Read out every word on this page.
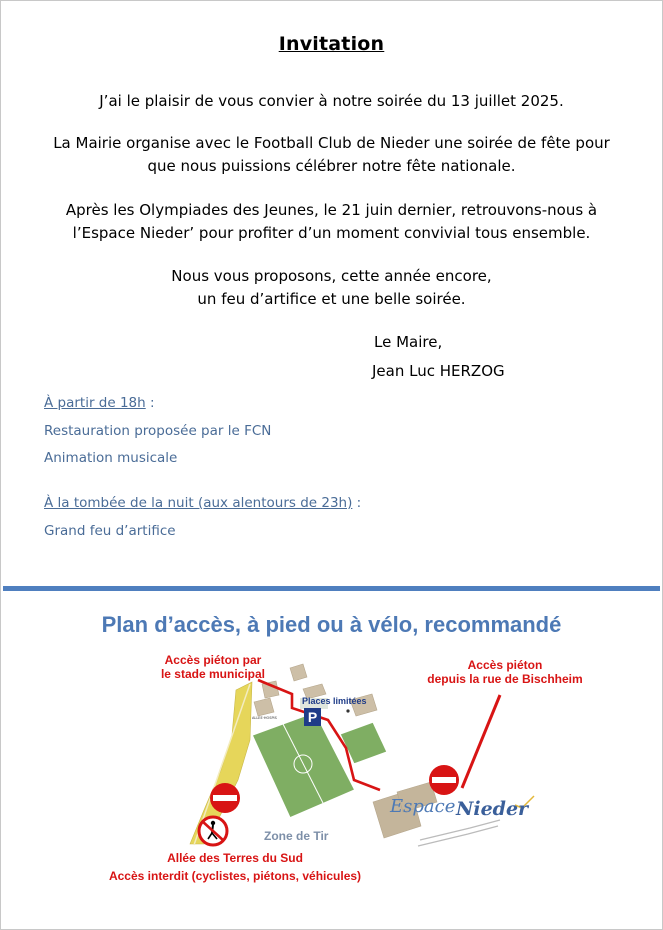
Invitation
J’ai le plaisir de vous convier à notre soirée du 13 juillet 2025.
La Mairie organise avec le Football Club de Nieder une soirée de fête pour
que nous puissions célébrer notre fête nationale.
Après les Olympiades des Jeunes, le 21 juin dernier, retrouvons-nous à
l’Espace Nieder’ pour profiter d’un moment convivial tous ensemble.
Nous vous proposons, cette année encore,
un feu d’artifice et une belle soirée.
Le Maire,
Jean Luc HERZOG
À partir de 18h :
Restauration proposée par le FCN
Animation musicale
À la tombée de la nuit (aux alentours de 23h) :
Grand feu d’artifice
Plan d’accès, à pied ou à vélo, recommandé
ALLEE·HOSPIS P
Places limitées
Accès piéton par
le stade municipal
Accès piéton
depuis la rue de Bischheim
Allée des Terres du Sud
Accès interdit (cyclistes, piétons, véhicules)
Zone de Tir
Espace Nieder
